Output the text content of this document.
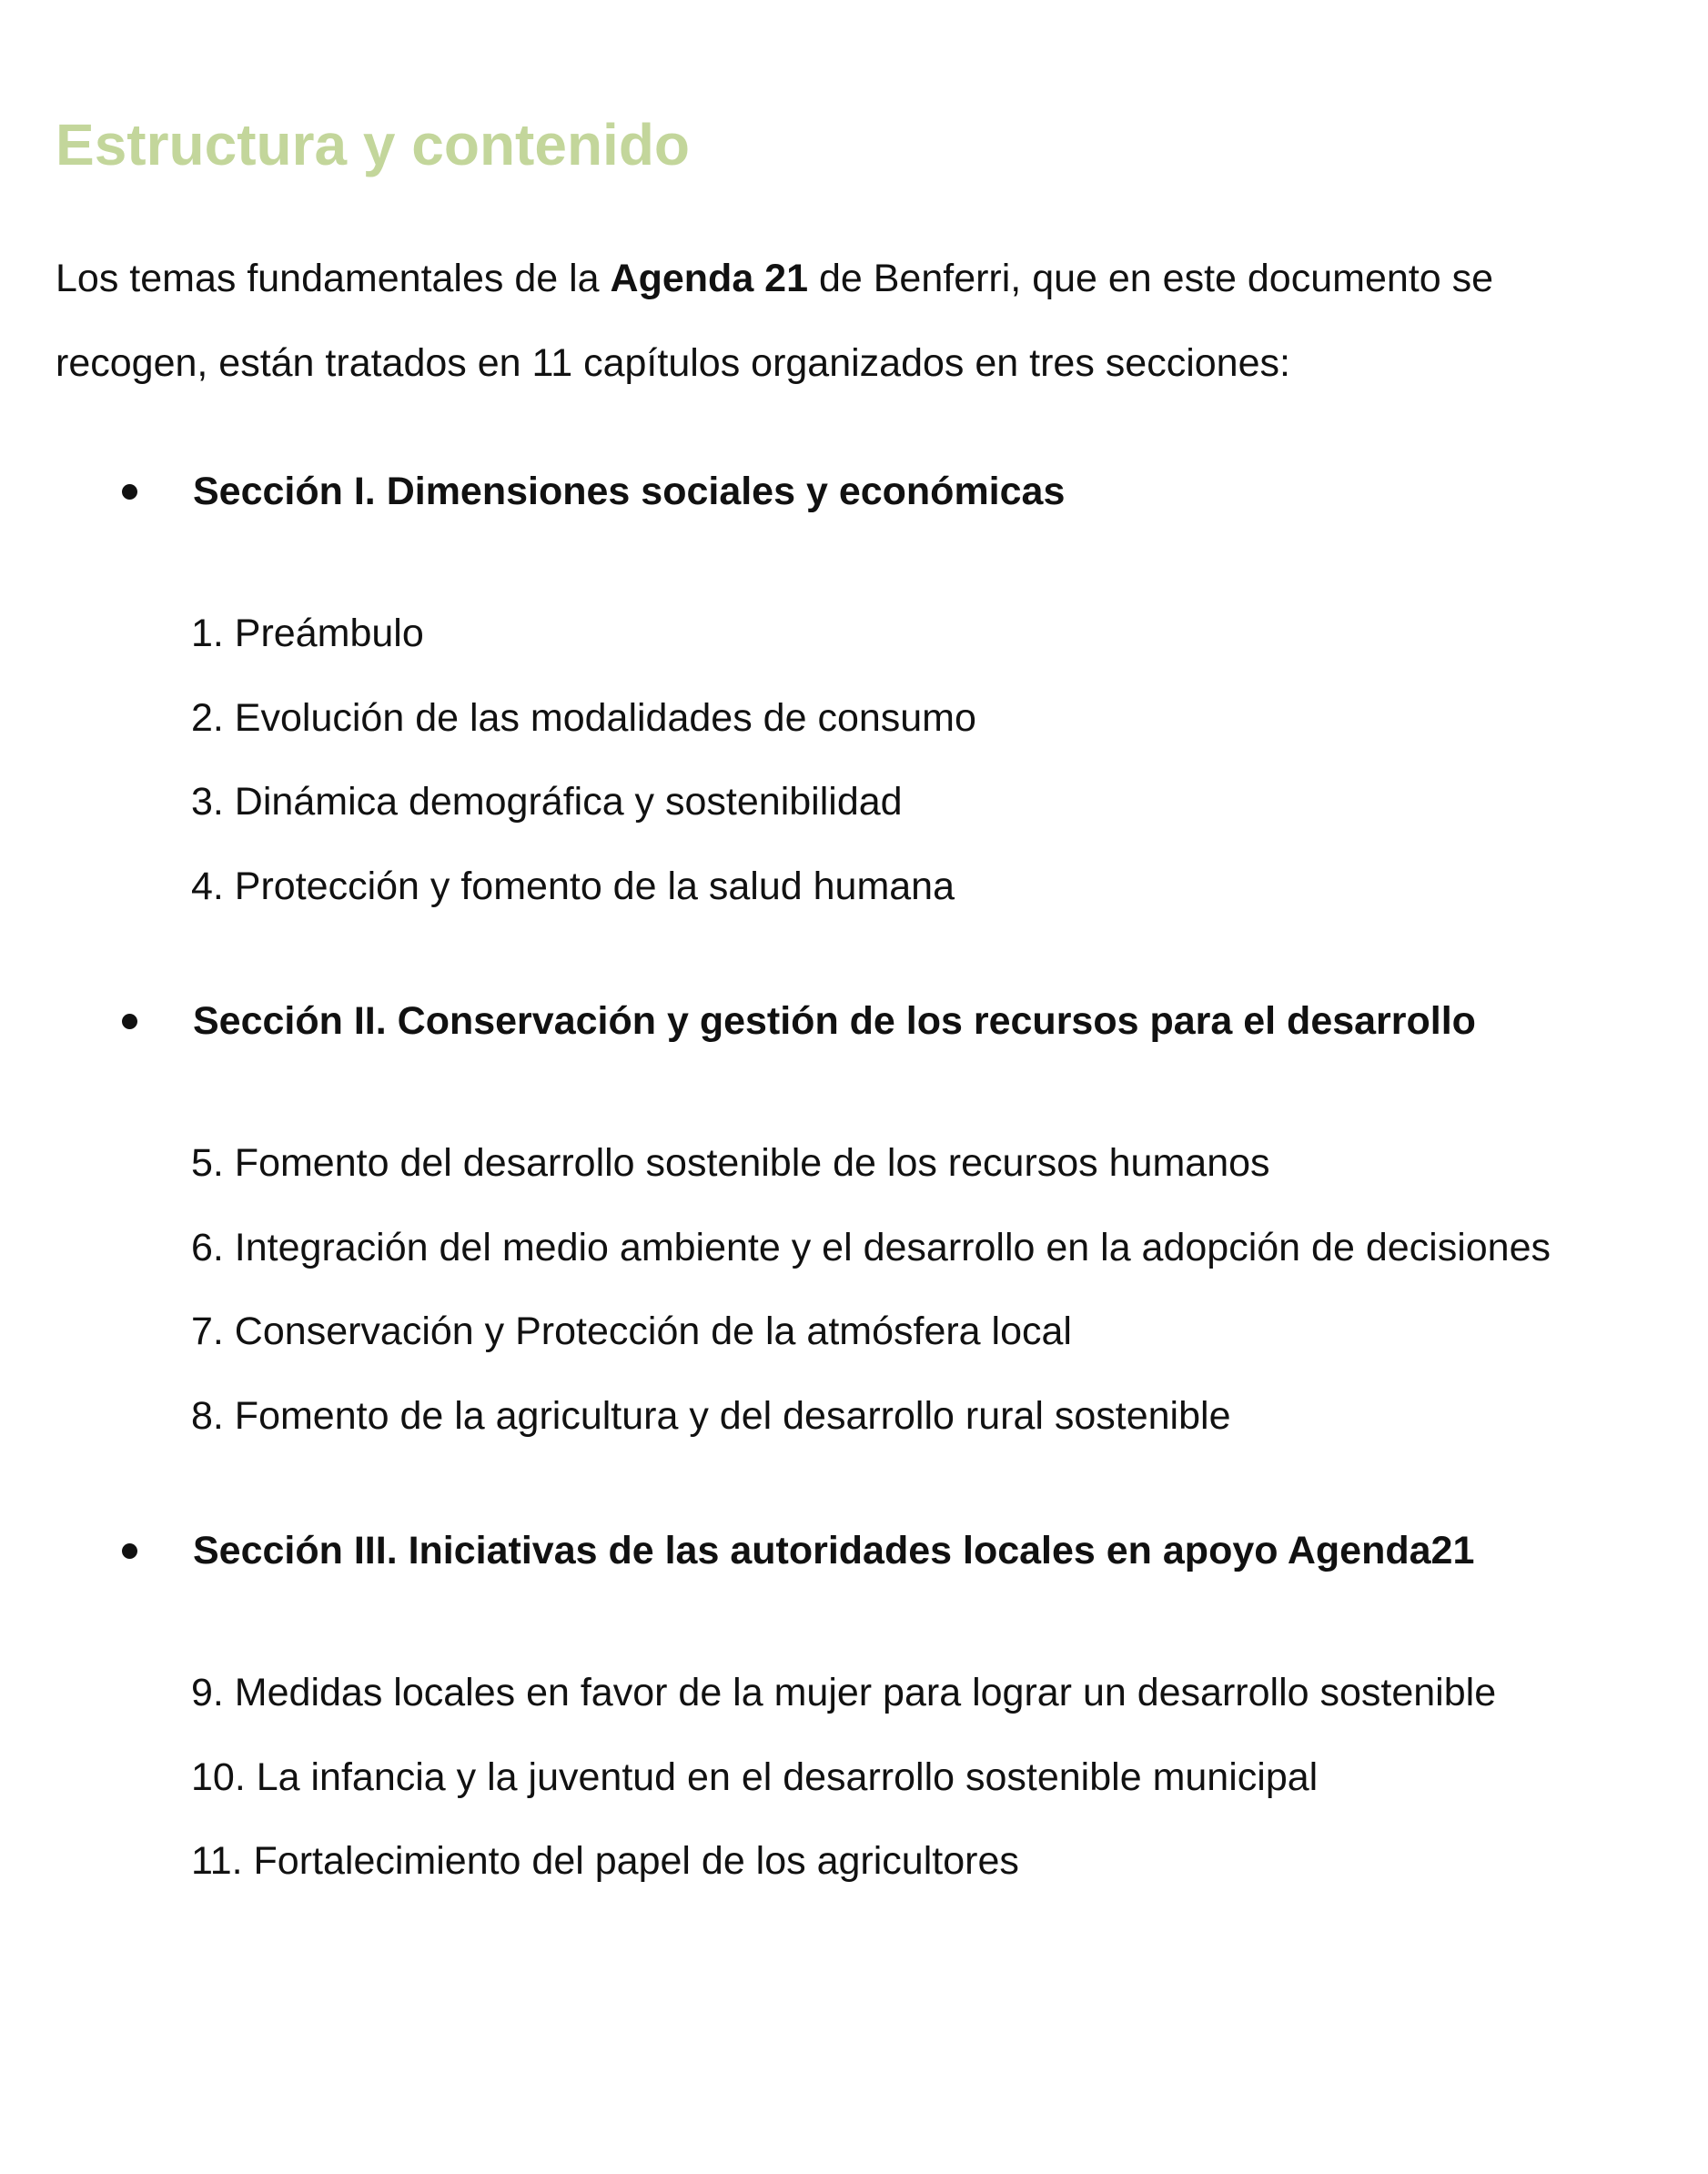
Estructura y contenido

Los temas fundamentales de la Agenda 21 de Benferri, que en este documento se
recogen, están tratados en 11 capítulos organizados en tres secciones:

Sección I. Dimensiones sociales y económicas
1. Preámbulo
2. Evolución de las modalidades de consumo
3. Dinámica demográfica y sostenibilidad
4. Protección y fomento de la salud humana
Sección II. Conservación y gestión de los recursos para el desarrollo
5. Fomento del desarrollo sostenible de los recursos humanos
6. Integración del medio ambiente y el desarrollo en la adopción de decisiones
7. Conservación y Protección de la atmósfera local
8. Fomento de la agricultura y del desarrollo rural sostenible
Sección III. Iniciativas de las autoridades locales en apoyo Agenda21
9. Medidas locales en favor de la mujer para lograr un desarrollo sostenible
10. La infancia y la juventud en el desarrollo sostenible municipal
11. Fortalecimiento del papel de los agricultores
